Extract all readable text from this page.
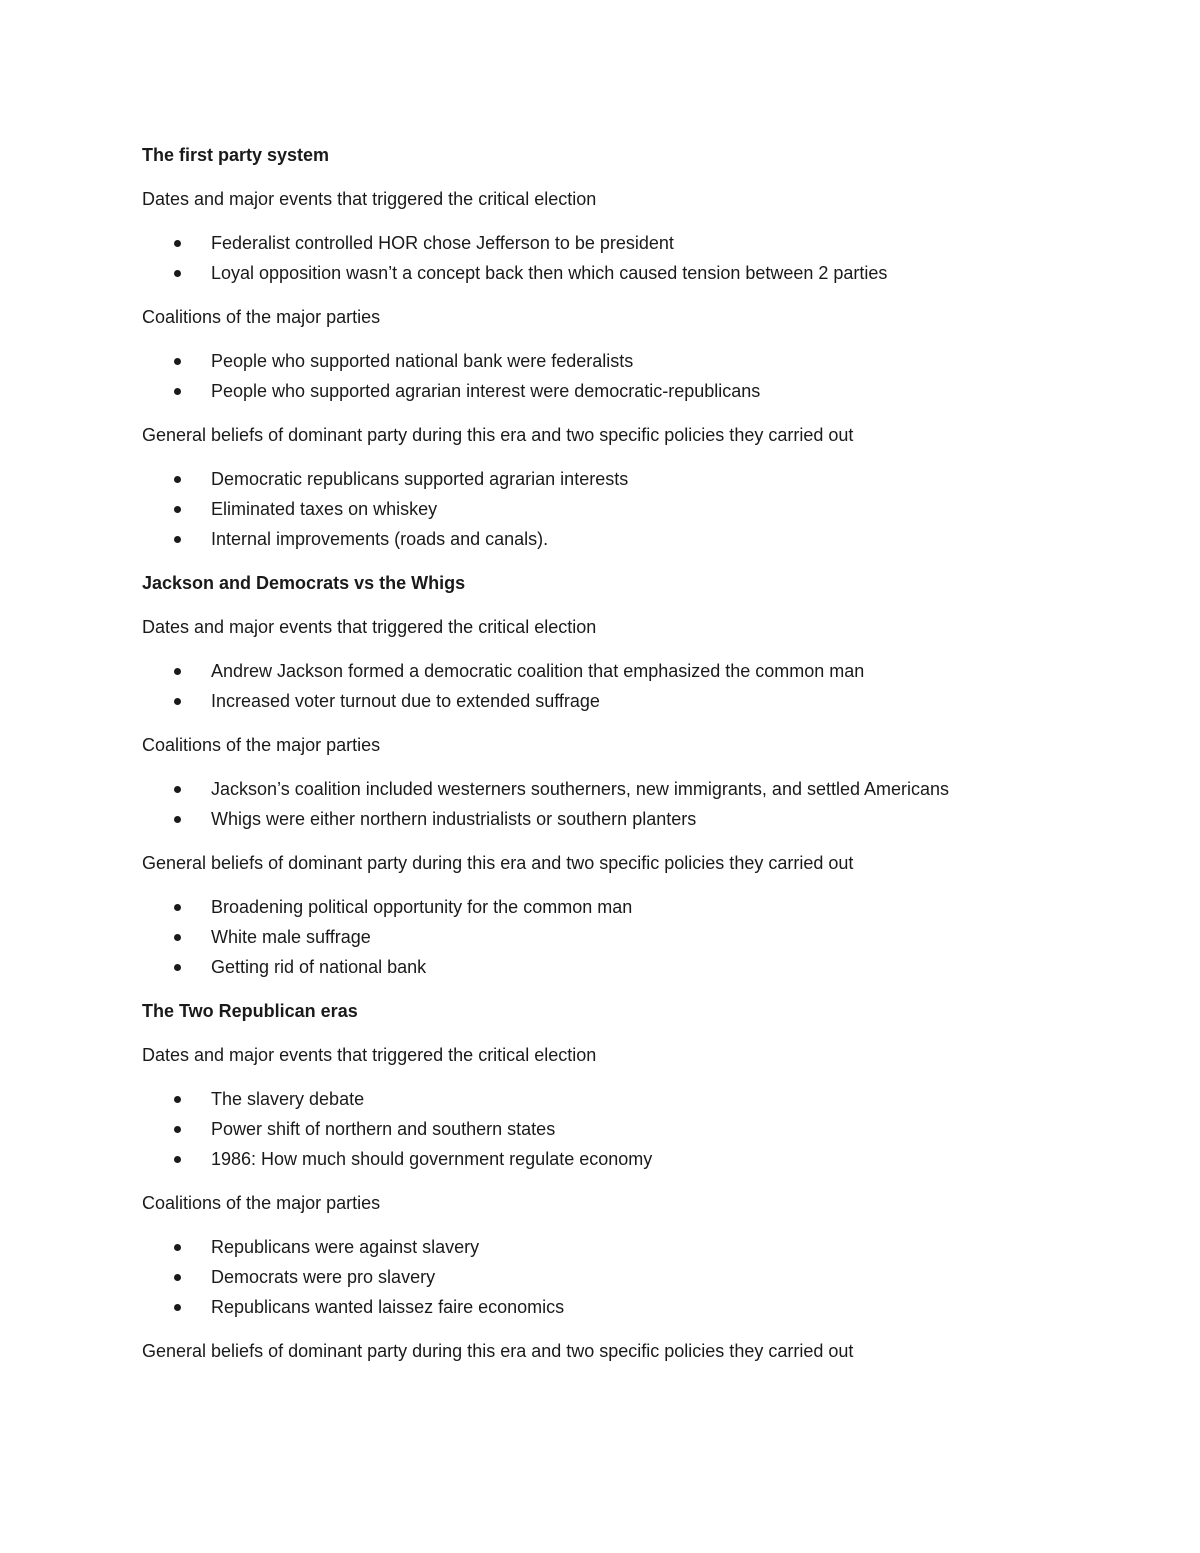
The first party system
Dates and major events that triggered the critical election
Federalist controlled HOR chose Jefferson to be president
Loyal opposition wasn’t a concept back then which caused tension between 2 parties
Coalitions of the major parties
People who supported national bank were federalists
People who supported agrarian interest were democratic-republicans
General beliefs of dominant party during this era and two specific policies they carried out
Democratic republicans supported agrarian interests
Eliminated taxes on whiskey
Internal improvements (roads and canals).
Jackson and Democrats vs the Whigs
Dates and major events that triggered the critical election
Andrew Jackson formed a democratic coalition that emphasized the common man
Increased voter turnout due to extended suffrage
Coalitions of the major parties
Jackson’s coalition included westerners southerners, new immigrants, and settled Americans
Whigs were either northern industrialists or southern planters
General beliefs of dominant party during this era and two specific policies they carried out
Broadening political opportunity for the common man
White male suffrage
Getting rid of national bank
The Two Republican eras
Dates and major events that triggered the critical election
The slavery debate
Power shift of northern and southern states
1986: How much should government regulate economy
Coalitions of the major parties
Republicans were against slavery
Democrats were pro slavery
Republicans wanted laissez faire economics
General beliefs of dominant party during this era and two specific policies they carried out
